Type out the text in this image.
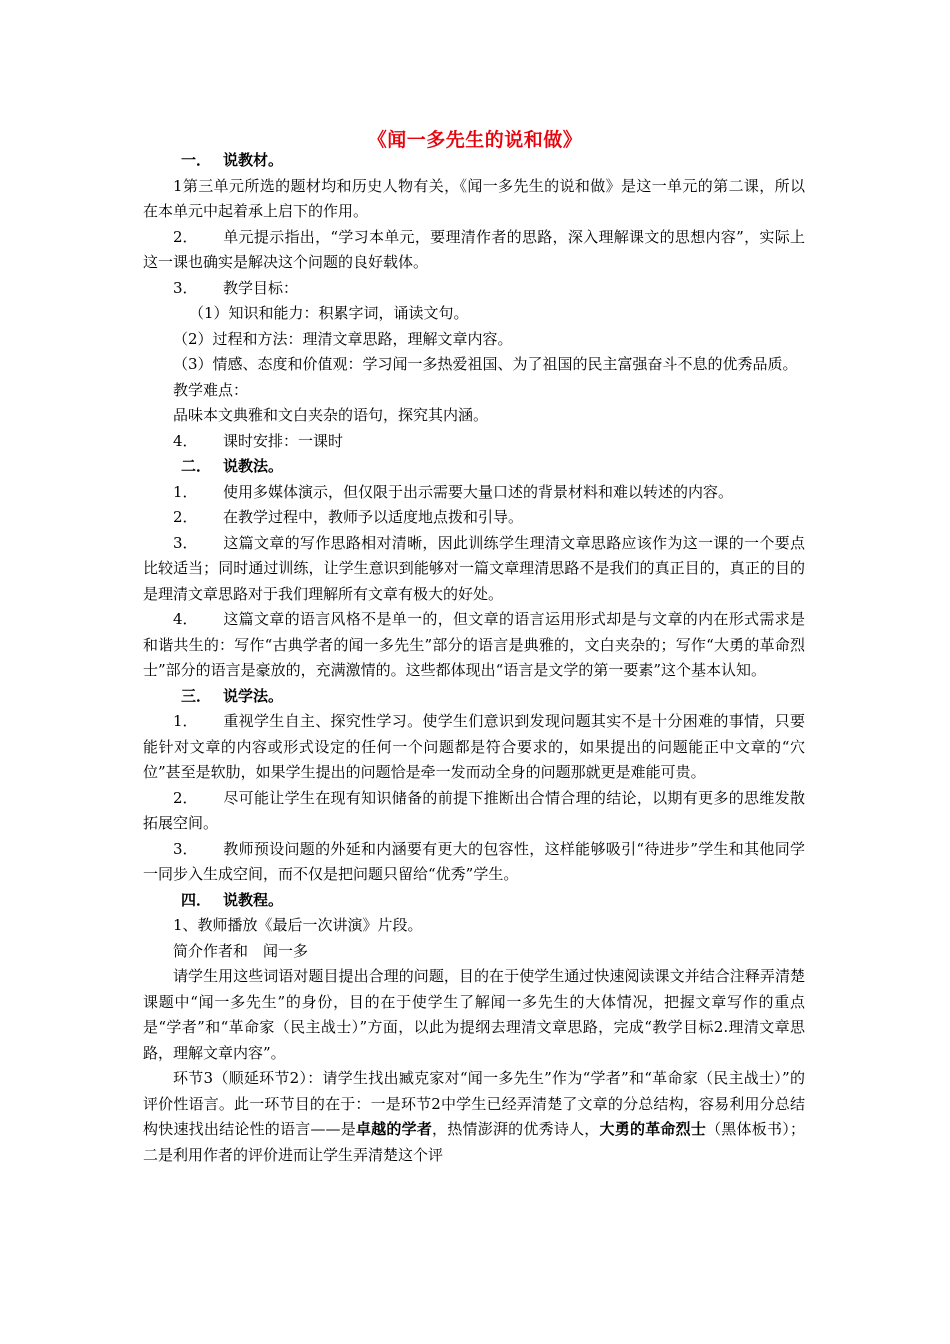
《闻一多先生的说和做》

一． 说教材。

1第三单元所选的题材均和历史人物有关，《闻一多先生的说和做》是这一单元的第二课，所以在本单元中起着承上启下的作用。

2． 单元提示指出，“学习本单元，要理清作者的思路，深入理解课文的思想内容”，实际上这一课也确实是解决这个问题的良好载体。

3． 教学目标：

（1）知识和能力：积累字词，诵读文句。

（2）过程和方法：理清文章思路，理解文章内容。

（3）情感、态度和价值观：学习闻一多热爱祖国、为了祖国的民主富强奋斗不息的优秀品质。

教学难点：

品味本文典雅和文白夹杂的语句，探究其内涵。

4． 课时安排：一课时

二． 说教法。

1． 使用多媒体演示，但仅限于出示需要大量口述的背景材料和难以转述的内容。

2． 在教学过程中，教师予以适度地点拨和引导。

3． 这篇文章的写作思路相对清晰，因此训练学生理清文章思路应该作为这一课的一个要点比较适当；同时通过训练，让学生意识到能够对一篇文章理清思路不是我们的真正目的，真正的目的是理清文章思路对于我们理解所有文章有极大的好处。

4． 这篇文章的语言风格不是单一的，但文章的语言运用形式却是与文章的内在形式需求是和谐共生的：写作“古典学者的闻一多先生”部分的语言是典雅的，文白夹杂的；写作“大勇的革命烈士”部分的语言是豪放的，充满激情的。这些都体现出“语言是文学的第一要素”这个基本认知。

三． 说学法。

1． 重视学生自主、探究性学习。使学生们意识到发现问题其实不是十分困难的事情，只要能针对文章的内容或形式设定的任何一个问题都是符合要求的，如果提出的问题能正中文章的“穴位”甚至是软肋，如果学生提出的问题恰是牵一发而动全身的问题那就更是难能可贵。

2． 尽可能让学生在现有知识储备的前提下推断出合情合理的结论，以期有更多的思维发散拓展空间。

3． 教师预设问题的外延和内涵要有更大的包容性，这样能够吸引“待进步”学生和其他同学一同步入生成空间，而不仅是把问题只留给“优秀”学生。

四． 说教程。

1、教师播放《最后一次讲演》片段。

简介作者和　闻一多

请学生用这些词语对题目提出合理的问题，目的在于使学生通过快速阅读课文并结合注释弄清楚课题中“闻一多先生”的身份，目的在于使学生了解闻一多先生的大体情况，把握文章写作的重点是“学者”和“革命家（民主战士）”方面，以此为提纲去理清文章思路，完成“教学目标2.理清文章思路，理解文章内容”。

环节3（顺延环节2）：请学生找出臧克家对“闻一多先生”作为“学者”和“革命家（民主战士）”的评价性语言。此一环节目的在于：一是环节2中学生已经弄清楚了文章的分总结构，容易利用分总结构快速找出结论性的语言——是卓越的学者，热情澎湃的优秀诗人，大勇的革命烈士（黑体板书）；二是利用作者的评价进而让学生弄清楚这个评
